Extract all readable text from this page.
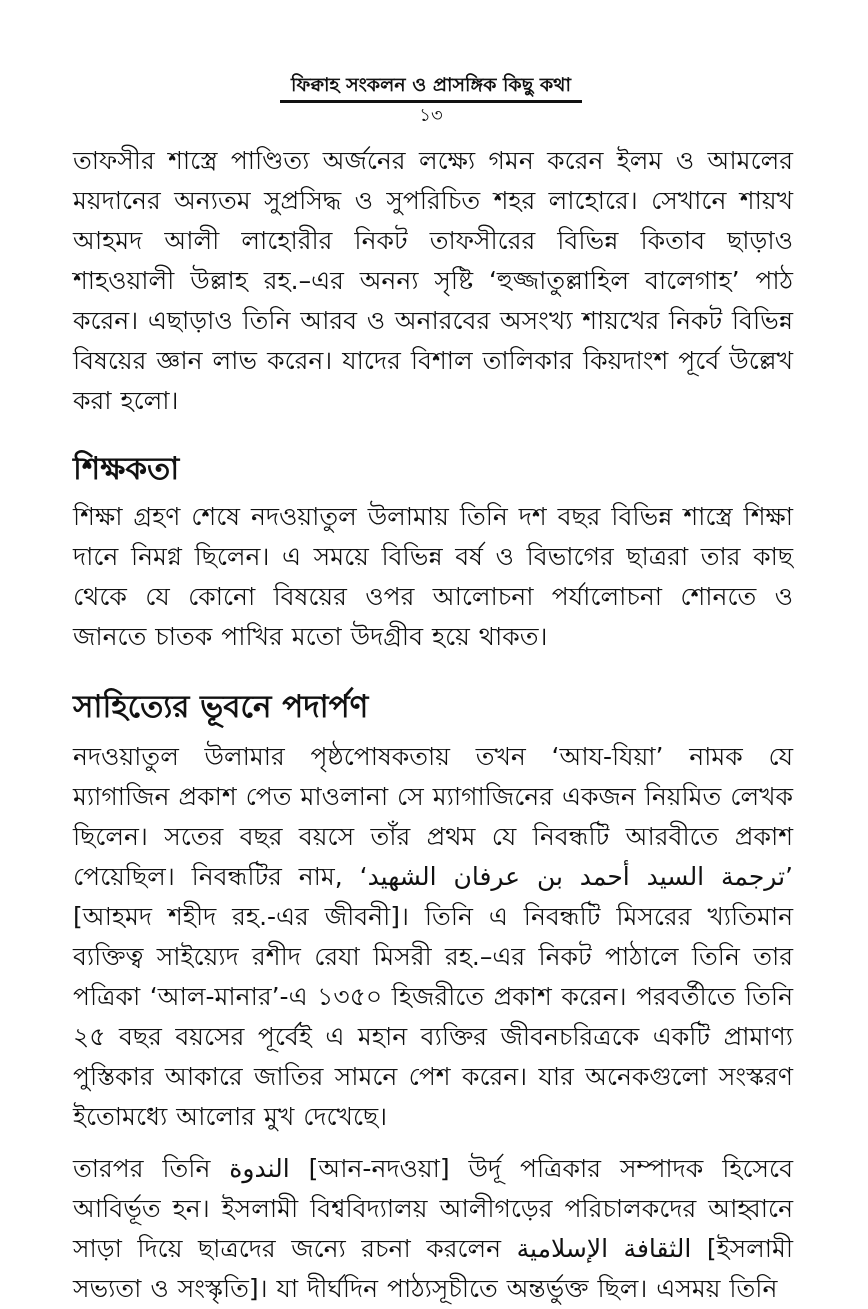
ফিক্বাহ সংকলন ও প্রাসঙ্গিক কিছু কথা
১৩

তাফসীর শাস্ত্রে পাণ্ডিত্য অর্জনের লক্ষ্যে গমন করেন ইলম ও আমলের ময়দানের অন্যতম সুপ্রসিদ্ধ ও সুপরিচিত শহর লাহোরে। সেখানে শায়খ আহমদ আলী লাহোরীর নিকট তাফসীরের বিভিন্ন কিতাব ছাড়াও শাহওয়ালী উল্লাহ রহ.–এর অনন্য সৃষ্টি ‘হুজ্জাতুল্লাহিল বালেগাহ’ পাঠ করেন। এছাড়াও তিনি আরব ও অনারবের অসংখ্য শায়খের নিকট বিভিন্ন বিষয়ের জ্ঞান লাভ করেন। যাদের বিশাল তালিকার কিয়দাংশ পূর্বে উল্লেখ করা হলো।

শিক্ষকতা

শিক্ষা গ্রহণ শেষে নদওয়াতুল উলামায় তিনি দশ বছর বিভিন্ন শাস্ত্রে শিক্ষা দানে নিমগ্ন ছিলেন। এ সময়ে বিভিন্ন বর্ষ ও বিভাগের ছাত্ররা তার কাছ থেকে যে কোনো বিষয়ের ওপর আলোচনা পর্যালোচনা শোনতে ও জানতে চাতক পাখির মতো উদগ্রীব হয়ে থাকত।

সাহিত্যের ভূবনে পদার্পণ

নদওয়াতুল উলামার পৃষ্ঠপোষকতায় তখন ‘আয-যিয়া’ নামক যে ম্যাগাজিন প্রকাশ পেত মাওলানা সে ম্যাগাজিনের একজন নিয়মিত লেখক ছিলেন। সতের বছর বয়সে তাঁর প্রথম যে নিবন্ধটি আরবীতে প্রকাশ পেয়েছিল। নিবন্ধটির নাম, ‘ترجمة السيد أحمد بن عرفان الشهيد’ [আহমদ শহীদ রহ.-এর জীবনী]। তিনি এ নিবন্ধটি মিসরের খ্যতিমান ব্যক্তিত্ব সাইয়্যেদ রশীদ রেযা মিসরী রহ.–এর নিকট পাঠালে তিনি তার পত্রিকা ‘আল-মানার’-এ ১৩৫০ হিজরীতে প্রকাশ করেন। পরবর্তীতে তিনি ২৫ বছর বয়সের পূর্বেই এ মহান ব্যক্তির জীবনচরিত্রকে একটি প্রামাণ্য পুস্তিকার আকারে জাতির সামনে পেশ করেন। যার অনেকগুলো সংস্করণ ইতোমধ্যে আলোর মুখ দেখেছে।

তারপর তিনি الندوة [আন-নদওয়া] উর্দূ পত্রিকার সম্পাদক হিসেবে আবির্ভূত হন। ইসলামী বিশ্ববিদ্যালয় আলীগড়ের পরিচালকদের আহ্বানে সাড়া দিয়ে ছাত্রদের জন্যে রচনা করলেন الثقافة الإسلامية [ইসলামী সভ্যতা ও সংস্কৃতি]। যা দীর্ঘদিন পাঠ্যসূচীতে অন্তর্ভুক্ত ছিল। এসময় তিনি
